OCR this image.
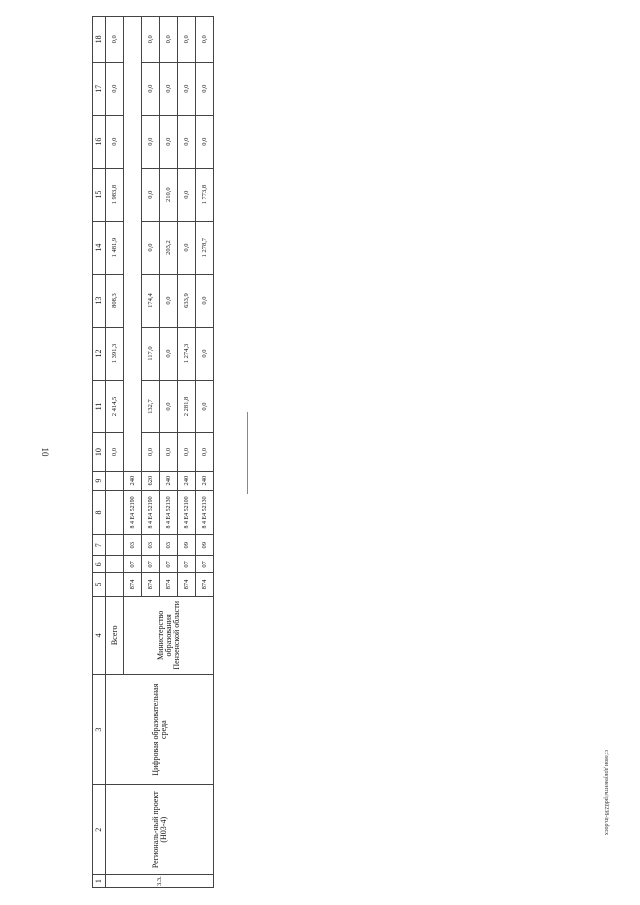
10
c:\мои документы\pd0238-in.docx
1	2	3	4	5	6	7	8	9	10	11	12	13	14	15	16	17	18
3.3.	Региональ-ный проект (Н03-4)	Цифровая образовательная среда	Всего						0,0	2 414,5	1 391,3	808,3	1 481,9	1 983,8	0,0	0,0	0,0
			Министерство образования Пензенской области	874	07	03	8 4 Е4 52190	240									
				874	07	03	8 4 Е4 52190	620	0,0	132,7	117,0	174,4	0,0	0,0	0,0	0,0	0,0
				874	07	03	8 4 Е4 52130	240	0,0	0,0	0,0	0,0	203,2	210,0	0,0	0,0	0,0
				874	07	09	8 4 Е4 52100	240	0,0	2 281,8	1 274,3	633,9	0,0	0,0	0,0	0,0	0,0
				874	07	09	8 4 Е4 52130	240	0,0	0,0	0,0	0,0	1 278,7	1 773,8	0,0	0,0	0,0
